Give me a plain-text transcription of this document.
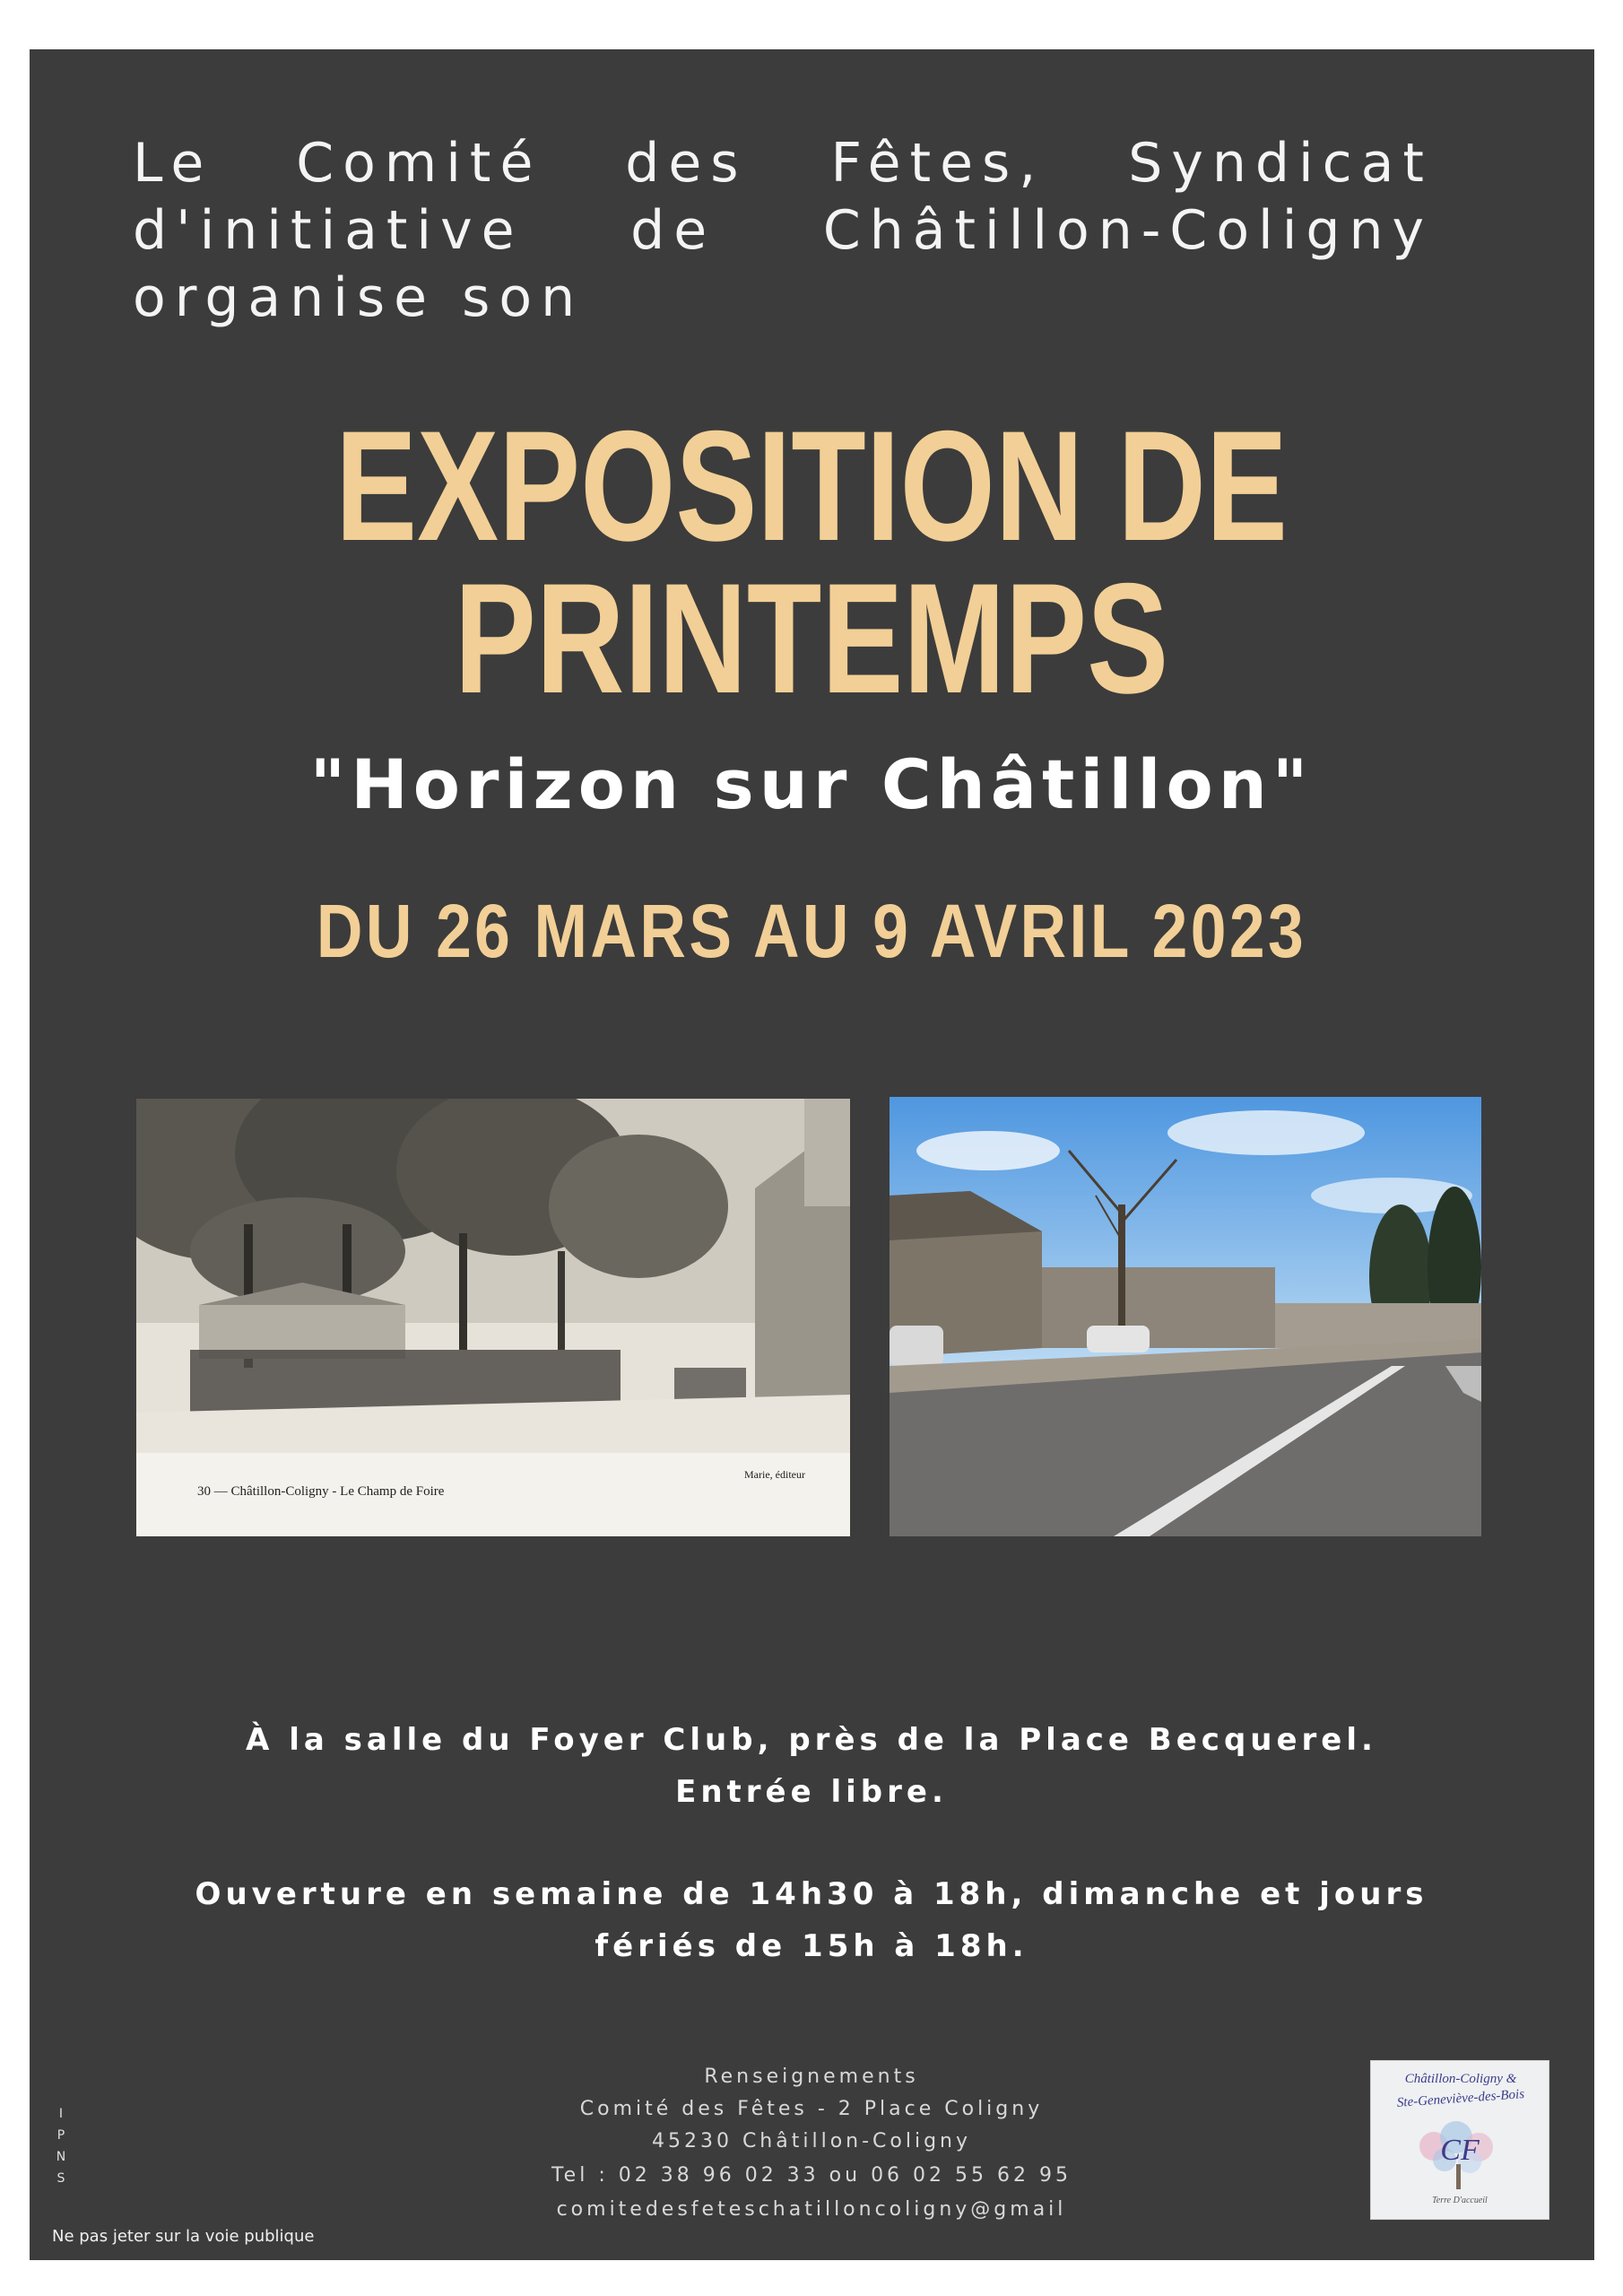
Le Comité des Fêtes, Syndicat
d'initiative de Châtillon-Coligny
organise son
EXPOSITION DE
PRINTEMPS
"Horizon sur Châtillon"
DU 26 MARS AU 9 AVRIL 2023
30 — Châtillon-Coligny - Le Champ de Foire
Marie, éditeur
À la salle du Foyer Club, près de la Place Becquerel.
Entrée libre.
Ouverture en semaine de 14h30 à 18h, dimanche et jours
fériés de 15h à 18h.
Renseignements
Comité des Fêtes - 2 Place Coligny
45230 Châtillon-Coligny
Tel : 02 38 96 02 33 ou 06 02 55 62 95
comitedesfeteschatilloncoligny@gmail
I
P
N
S
Ne pas jeter sur la voie publique
Châtillon-Coligny &
Ste-Geneviève-des-Bois
CF
Terre D'accueil
